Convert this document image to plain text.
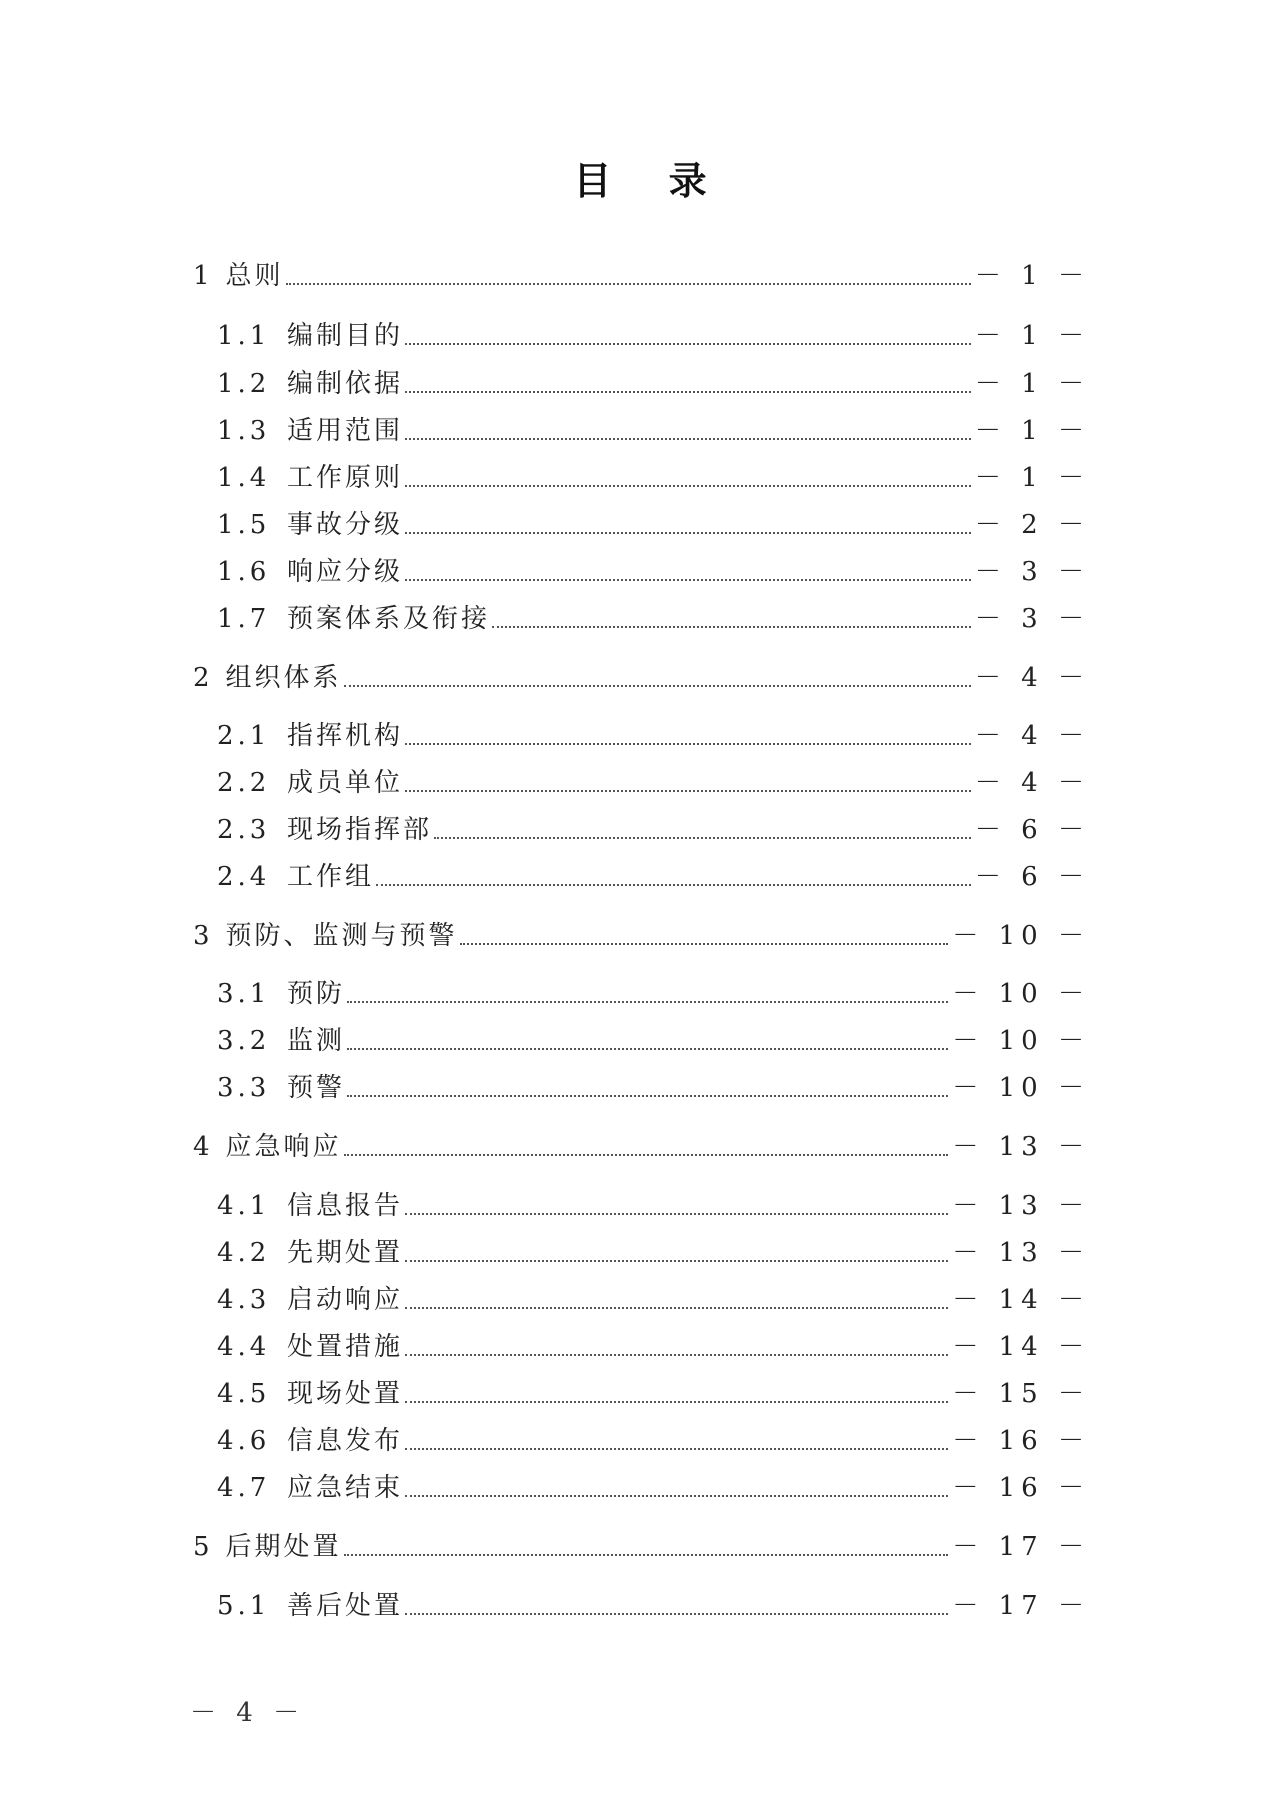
目 录
1 总则	－ 1 －
1.1 编制目的	－ 1 －
1.2 编制依据	－ 1 －
1.3 适用范围	－ 1 －
1.4 工作原则	－ 1 －
1.5 事故分级	－ 2 －
1.6 响应分级	－ 3 －
1.7 预案体系及衔接	－ 3 －
2 组织体系	－ 4 －
2.1 指挥机构	－ 4 －
2.2 成员单位	－ 4 －
2.3 现场指挥部	－ 6 －
2.4 工作组	－ 6 －
3 预防、监测与预警	－ 10 －
3.1 预防	－ 10 －
3.2 监测	－ 10 －
3.3 预警	－ 10 －
4 应急响应	－ 13 －
4.1 信息报告	－ 13 －
4.2 先期处置	－ 13 －
4.3 启动响应	－ 14 －
4.4 处置措施	－ 14 －
4.5 现场处置	－ 15 －
4.6 信息发布	－ 16 －
4.7 应急结束	－ 16 －
5 后期处置	－ 17 －
5.1 善后处置	－ 17 －
－ 4 －
